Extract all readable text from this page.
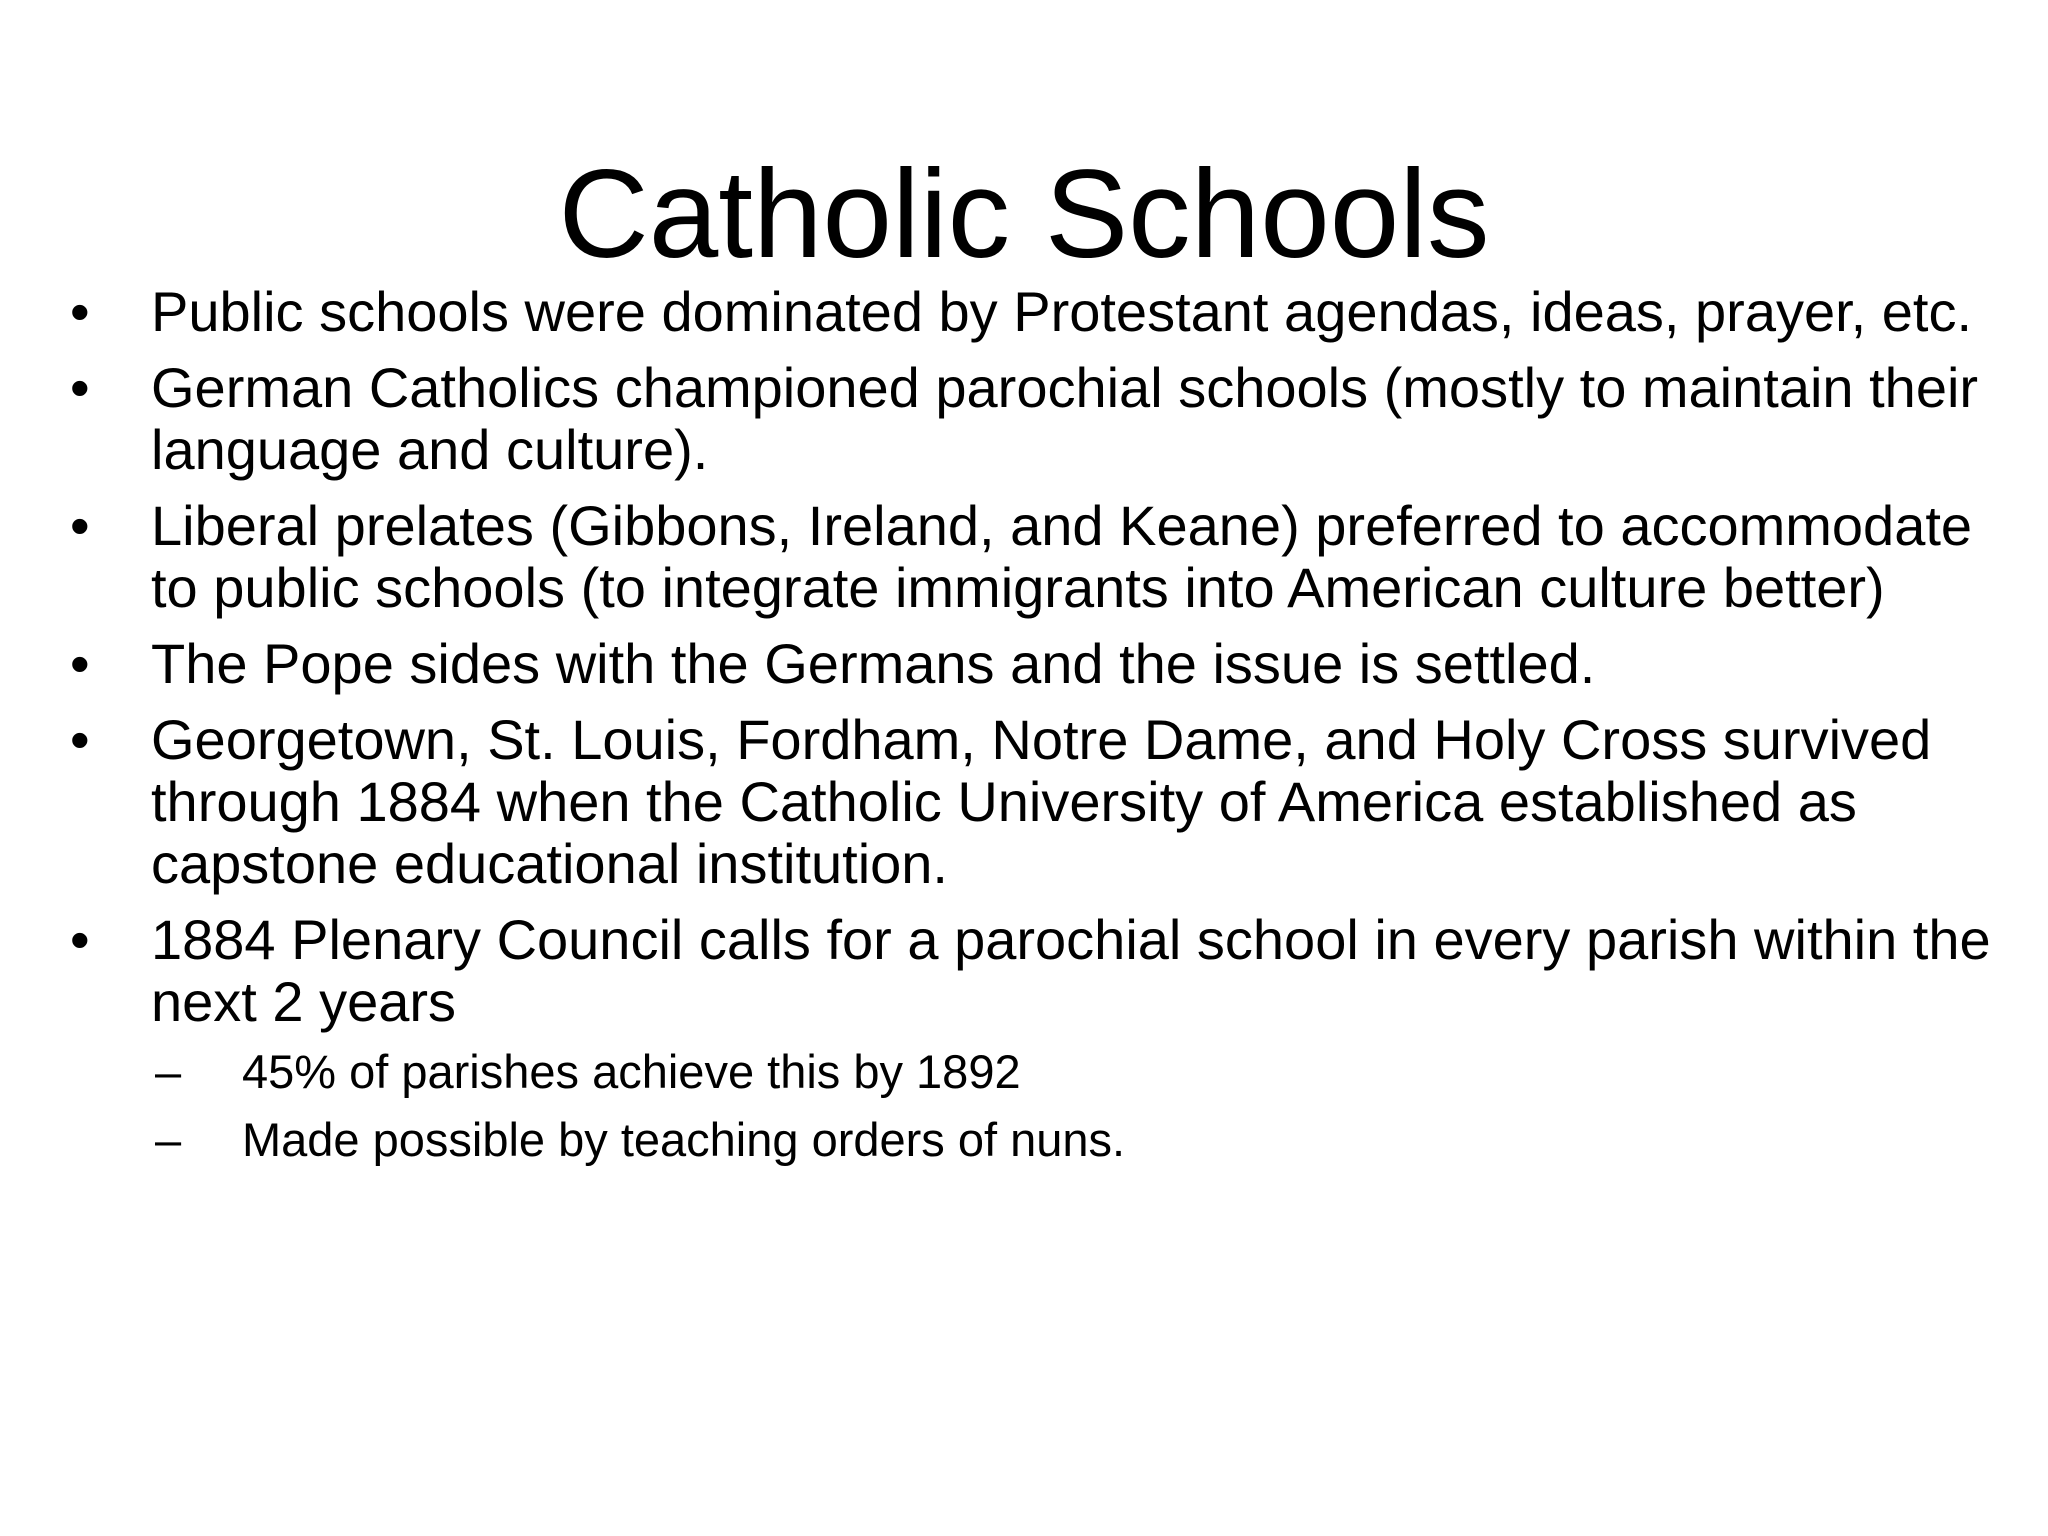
Catholic Schools
•	Public schools were dominated by Protestant agendas, ideas, prayer, etc.
•	German Catholics championed parochial schools (mostly to maintain their language and culture).
•	Liberal prelates (Gibbons, Ireland, and Keane) preferred to accommodate to public schools (to integrate immigrants into American culture better)
•	The Pope sides with the Germans and the issue is settled.
•	Georgetown, St. Louis, Fordham, Notre Dame, and Holy Cross survived through 1884 when the Catholic University of America established as capstone educational institution.
•	1884 Plenary Council calls for a parochial school in every parish within the next 2 years
–	45% of parishes achieve this by 1892
–	Made possible by teaching orders of nuns.
